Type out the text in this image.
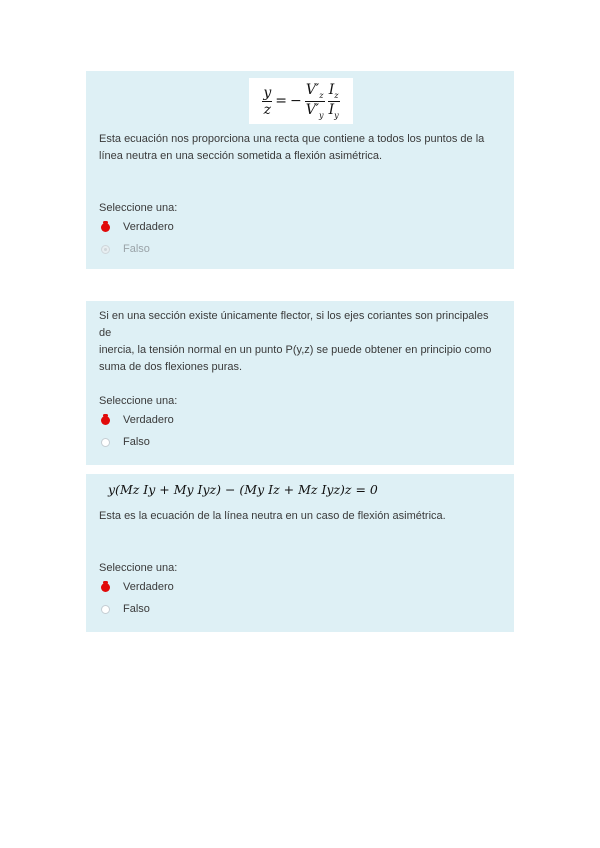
$\frac{y}{z}$ = − $\frac{V'_z}{V'_y} \frac{I_z}{I_y}$
Esta ecuación nos proporciona una recta que contiene a todos los puntos de la
línea neutra en una sección sometida a flexión asimétrica.
Seleccione una:
Verdadero
Falso
Si en una sección existe únicamente flector, si los ejes coriantes son principales de
inercia, la tensión normal en un punto P(y,z) se puede obtener en principio como
suma de dos flexiones puras.
Seleccione una:
Verdadero
Falso
y(Mz Iy + My Iyz) − (My Iz + Mz Iyz)z = 0
Esta es la ecuación de la línea neutra en un caso de flexión asimétrica.
Seleccione una:
Verdadero
Falso
